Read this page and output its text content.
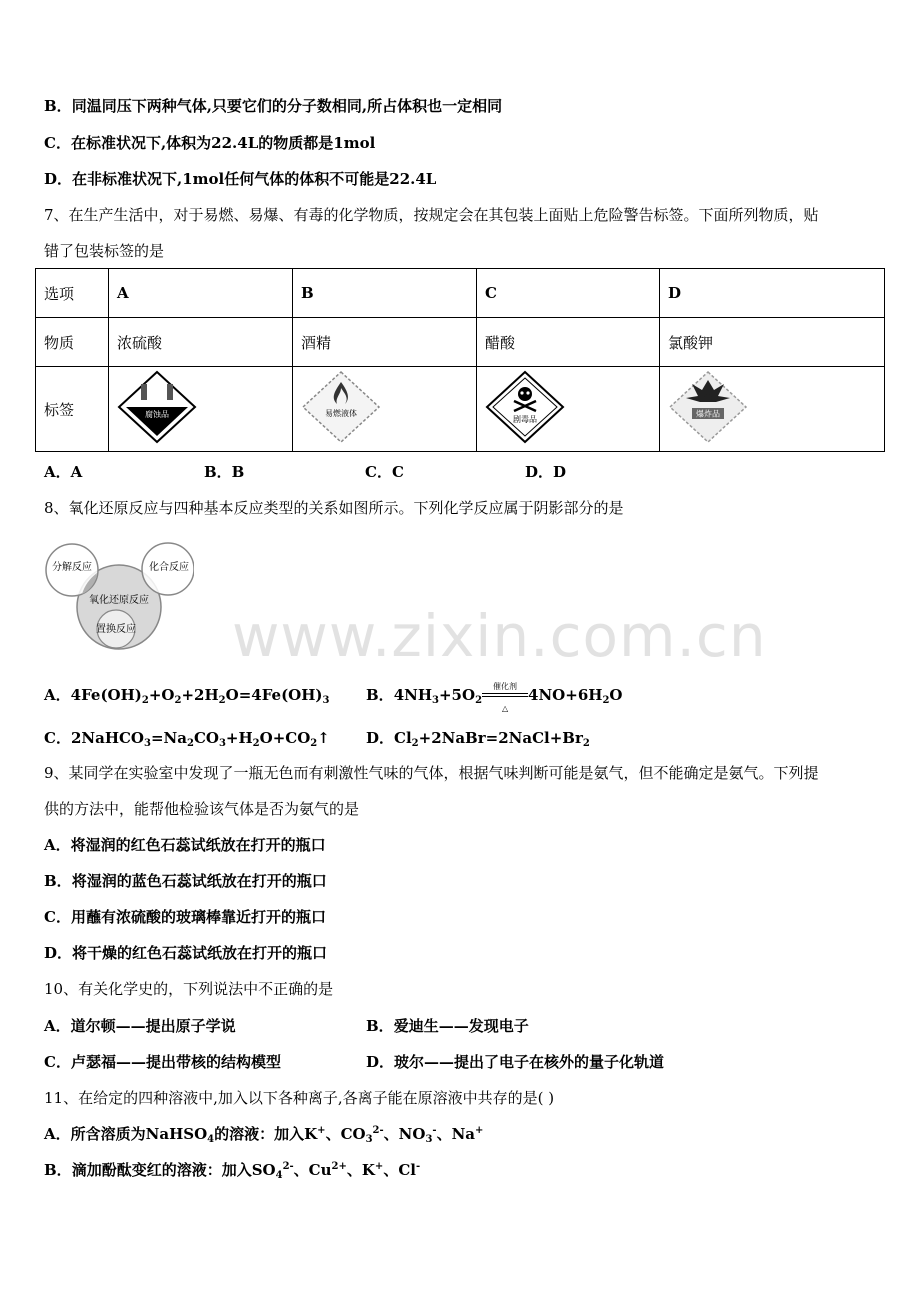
www.zixin.com.cn
B．同温同压下两种气体,只要它们的分子数相同,所占体积也一定相同
C．在标准状况下,体积为22.4L的物质都是1mol
D．在非标准状况下,1mol任何气体的体积不可能是22.4L
7、在生产生活中，对于易燃、易爆、有毒的化学物质，按规定会在其包装上面贴上危险警告标签。下面所列物质，贴
错了包装标签的是
选项	A	B	C	D
物质	浓硫酸	酒精	醋酸	氯酸钾
标签	腐蚀品	易燃液体	剧毒品	爆炸品
A．A	B．B	C．C	D．D
8、氧化还原反应与四种基本反应类型的关系如图所示。下列化学反应属于阴影部分的是
分解反应	化合反应
氧化还原反应
置换反应
A．$4Fe(OH)_2+O_2+2H_2O=4Fe(OH)_3$ B．$4NH_3+5O_2$
催化剂
△
$4NO+6H_2O$
C．$2NaHCO_3=Na_2CO_3+H_2O+CO_2↑$ D．$Cl_2+2NaBr=2NaCl+Br_2$
9、某同学在实验室中发现了一瓶无色而有刺激性气味的气体，根据气味判断可能是氨气，但不能确定是氨气。下列提
供的方法中，能帮他检验该气体是否为氨气的是
A．将湿润的红色石蕊试纸放在打开的瓶口
B．将湿润的蓝色石蕊试纸放在打开的瓶口
C．用蘸有浓硫酸的玻璃棒靠近打开的瓶口
D．将干燥的红色石蕊试纸放在打开的瓶口
10、有关化学史的，下列说法中不正确的是
A．道尔顿——提出原子学说	B．爱迪生——发现电子
C．卢瑟福——提出带核的结构模型	D．玻尔——提出了电子在核外的量子化轨道
11、在给定的四种溶液中,加入以下各种离子,各离子能在原溶液中共存的是( )
A．所含溶质为NaHSO$_4$的溶液：加入K+、$CO_3^{2-}$、$NO_3^-$、Na+
B．滴加酚酞变红的溶液：加入$SO_4^{2-}$、$Cu^{2+}$、K+、Cl-
